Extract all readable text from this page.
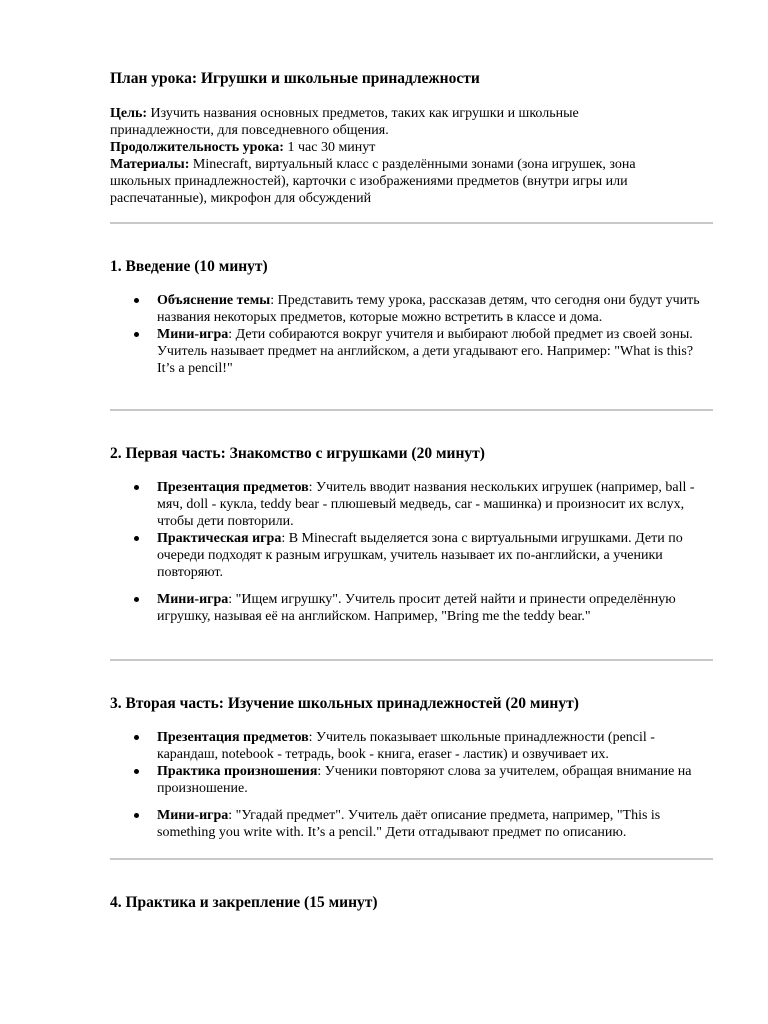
План урока: Игрушки и школьные принадлежности

Цель: Изучить названия основных предметов, таких как игрушки и школьные принадлежности, для повседневного общения.

Продолжительность урока: 1 час 30 минут

Материалы: Minecraft, виртуальный класс с разделёнными зонами (зона игрушек, зона школьных принадлежностей), карточки с изображениями предметов (внутри игры или распечатанные), микрофон для обсуждений

1. Введение (10 минут)
Объяснение темы: Представить тему урока, рассказав детям, что сегодня они будут учить названия некоторых предметов, которые можно встретить в классе и дома.
Мини-игра: Дети собираются вокруг учителя и выбирают любой предмет из своей зоны. Учитель называет предмет на английском, а дети угадывают его. Например: "What is this? It’s a pencil!"
2. Первая часть: Знакомство с игрушками (20 минут)
Презентация предметов: Учитель вводит названия нескольких игрушек (например, ball - мяч, doll - кукла, teddy bear - плюшевый медведь, car - машинка) и произносит их вслух, чтобы дети повторили.
Практическая игра: В Minecraft выделяется зона с виртуальными игрушками. Дети по очереди подходят к разным игрушкам, учитель называет их по-английски, а ученики повторяют.
Мини-игра: "Ищем игрушку". Учитель просит детей найти и принести определённую игрушку, называя её на английском. Например, "Bring me the teddy bear."
3. Вторая часть: Изучение школьных принадлежностей (20 минут)
Презентация предметов: Учитель показывает школьные принадлежности (pencil - карандаш, notebook - тетрадь, book - книга, eraser - ластик) и озвучивает их.
Практика произношения: Ученики повторяют слова за учителем, обращая внимание на произношение.
Мини-игра: "Угадай предмет". Учитель даёт описание предмета, например, "This is something you write with. It’s a pencil." Дети отгадывают предмет по описанию.
4. Практика и закрепление (15 минут)
